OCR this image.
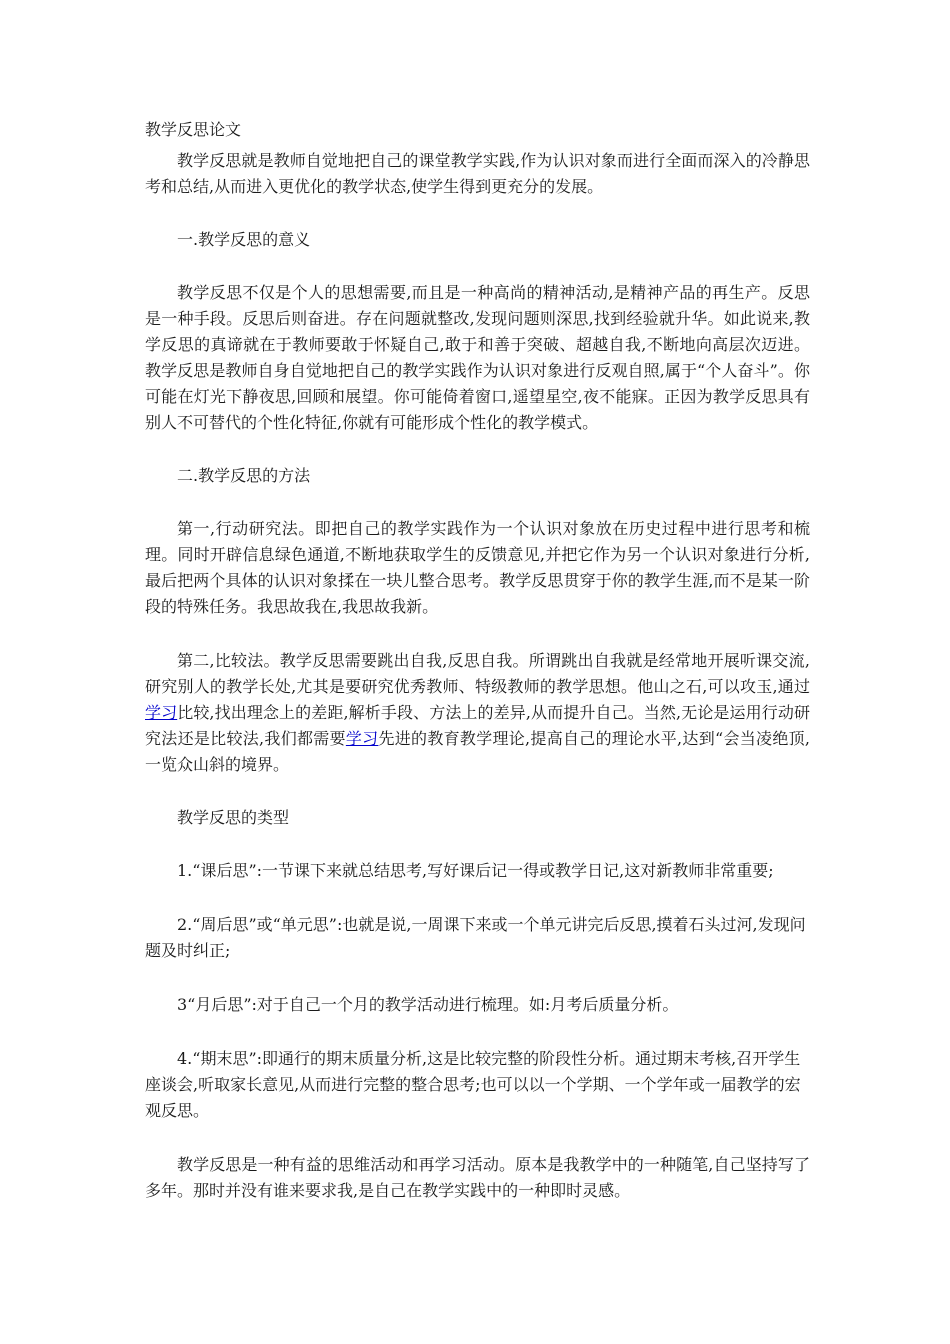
教学反思论文

教学反思就是教师自觉地把自己的课堂教学实践,作为认识对象而进行全面而深入的冷静思考和总结,从而进入更优化的教学状态,使学生得到更充分的发展。

一.教学反思的意义

教学反思不仅是个人的思想需要,而且是一种高尚的精神活动,是精神产品的再生产。反思是一种手段。反思后则奋进。存在问题就整改,发现问题则深思,找到经验就升华。如此说来,教学反思的真谛就在于教师要敢于怀疑自己,敢于和善于突破、超越自我,不断地向高层次迈进。教学反思是教师自身自觉地把自己的教学实践作为认识对象进行反观自照,属于“个人奋斗”。你可能在灯光下静夜思,回顾和展望。你可能倚着窗口,遥望星空,夜不能寐。正因为教学反思具有别人不可替代的个性化特征,你就有可能形成个性化的教学模式。

二.教学反思的方法

第一,行动研究法。即把自己的教学实践作为一个认识对象放在历史过程中进行思考和梳理。同时开辟信息绿色通道,不断地获取学生的反馈意见,并把它作为另一个认识对象进行分析,最后把两个具体的认识对象揉在一块儿整合思考。教学反思贯穿于你的教学生涯,而不是某一阶段的特殊任务。我思故我在,我思故我新。

第二,比较法。教学反思需要跳出自我,反思自我。所谓跳出自我就是经常地开展听课交流,研究别人的教学长处,尤其是要研究优秀教师、特级教师的教学思想。他山之石,可以攻玉,通过学习比较,找出理念上的差距,解析手段、方法上的差异,从而提升自己。当然,无论是运用行动研究法还是比较法,我们都需要学习先进的教育教学理论,提高自己的理论水平,达到“会当凌绝顶,一览众山斜的境界。

教学反思的类型

1.“课后思”:一节课下来就总结思考,写好课后记一得或教学日记,这对新教师非常重要;

2.“周后思”或“单元思”:也就是说,一周课下来或一个单元讲完后反思,摸着石头过河,发现问题及时纠正;

3“月后思”:对于自己一个月的教学活动进行梳理。如:月考后质量分析。

4.“期末思”:即通行的期末质量分析,这是比较完整的阶段性分析。通过期末考核,召开学生座谈会,听取家长意见,从而进行完整的整合思考;也可以以一个学期、一个学年或一届教学的宏观反思。

教学反思是一种有益的思维活动和再学习活动。原本是我教学中的一种随笔,自己坚持写了多年。那时并没有谁来要求我,是自己在教学实践中的一种即时灵感。
